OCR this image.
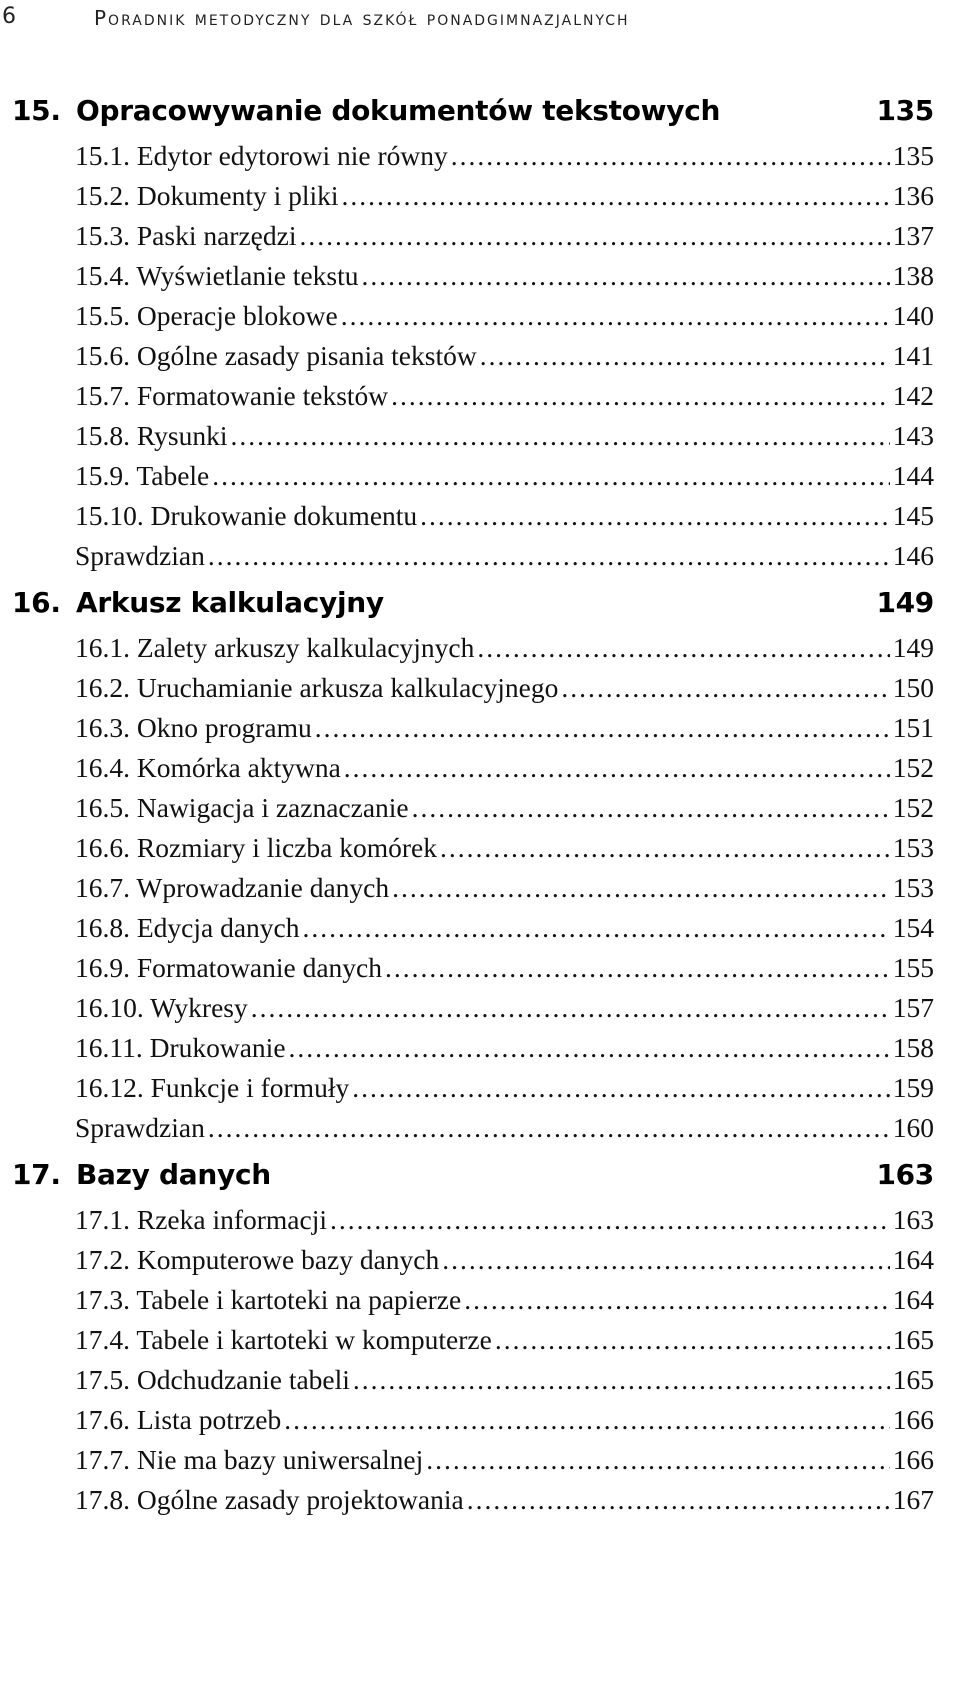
6	Poradnik metodyczny dla szkół ponadgimnazjalnych
15. Opracowywanie dokumentów tekstowych	135
15.1. Edytor edytorowi nie równy .....	135
15.2. Dokumenty i pliki .....	136
15.3. Paski narzędzi .....	137
15.4. Wyświetlanie tekstu .....	138
15.5. Operacje blokowe .....	140
15.6. Ogólne zasady pisania tekstów .....	141
15.7. Formatowanie tekstów .....	142
15.8. Rysunki .....	143
15.9. Tabele .....	144
15.10. Drukowanie dokumentu .....	145
Sprawdzian .....	146
16. Arkusz kalkulacyjny	149
16.1. Zalety arkuszy kalkulacyjnych .....	149
16.2. Uruchamianie arkusza kalkulacyjnego .....	150
16.3. Okno programu .....	151
16.4. Komórka aktywna .....	152
16.5. Nawigacja i zaznaczanie .....	152
16.6. Rozmiary i liczba komórek .....	153
16.7. Wprowadzanie danych .....	153
16.8. Edycja danych .....	154
16.9. Formatowanie danych .....	155
16.10. Wykresy .....	157
16.11. Drukowanie .....	158
16.12. Funkcje i formuły .....	159
Sprawdzian .....	160
17. Bazy danych	163
17.1. Rzeka informacji .....	163
17.2. Komputerowe bazy danych .....	164
17.3. Tabele i kartoteki na papierze .....	164
17.4. Tabele i kartoteki w komputerze .....	165
17.5. Odchudzanie tabeli .....	165
17.6. Lista potrzeb .....	166
17.7. Nie ma bazy uniwersalnej .....	166
17.8. Ogólne zasady projektowania .....	167
